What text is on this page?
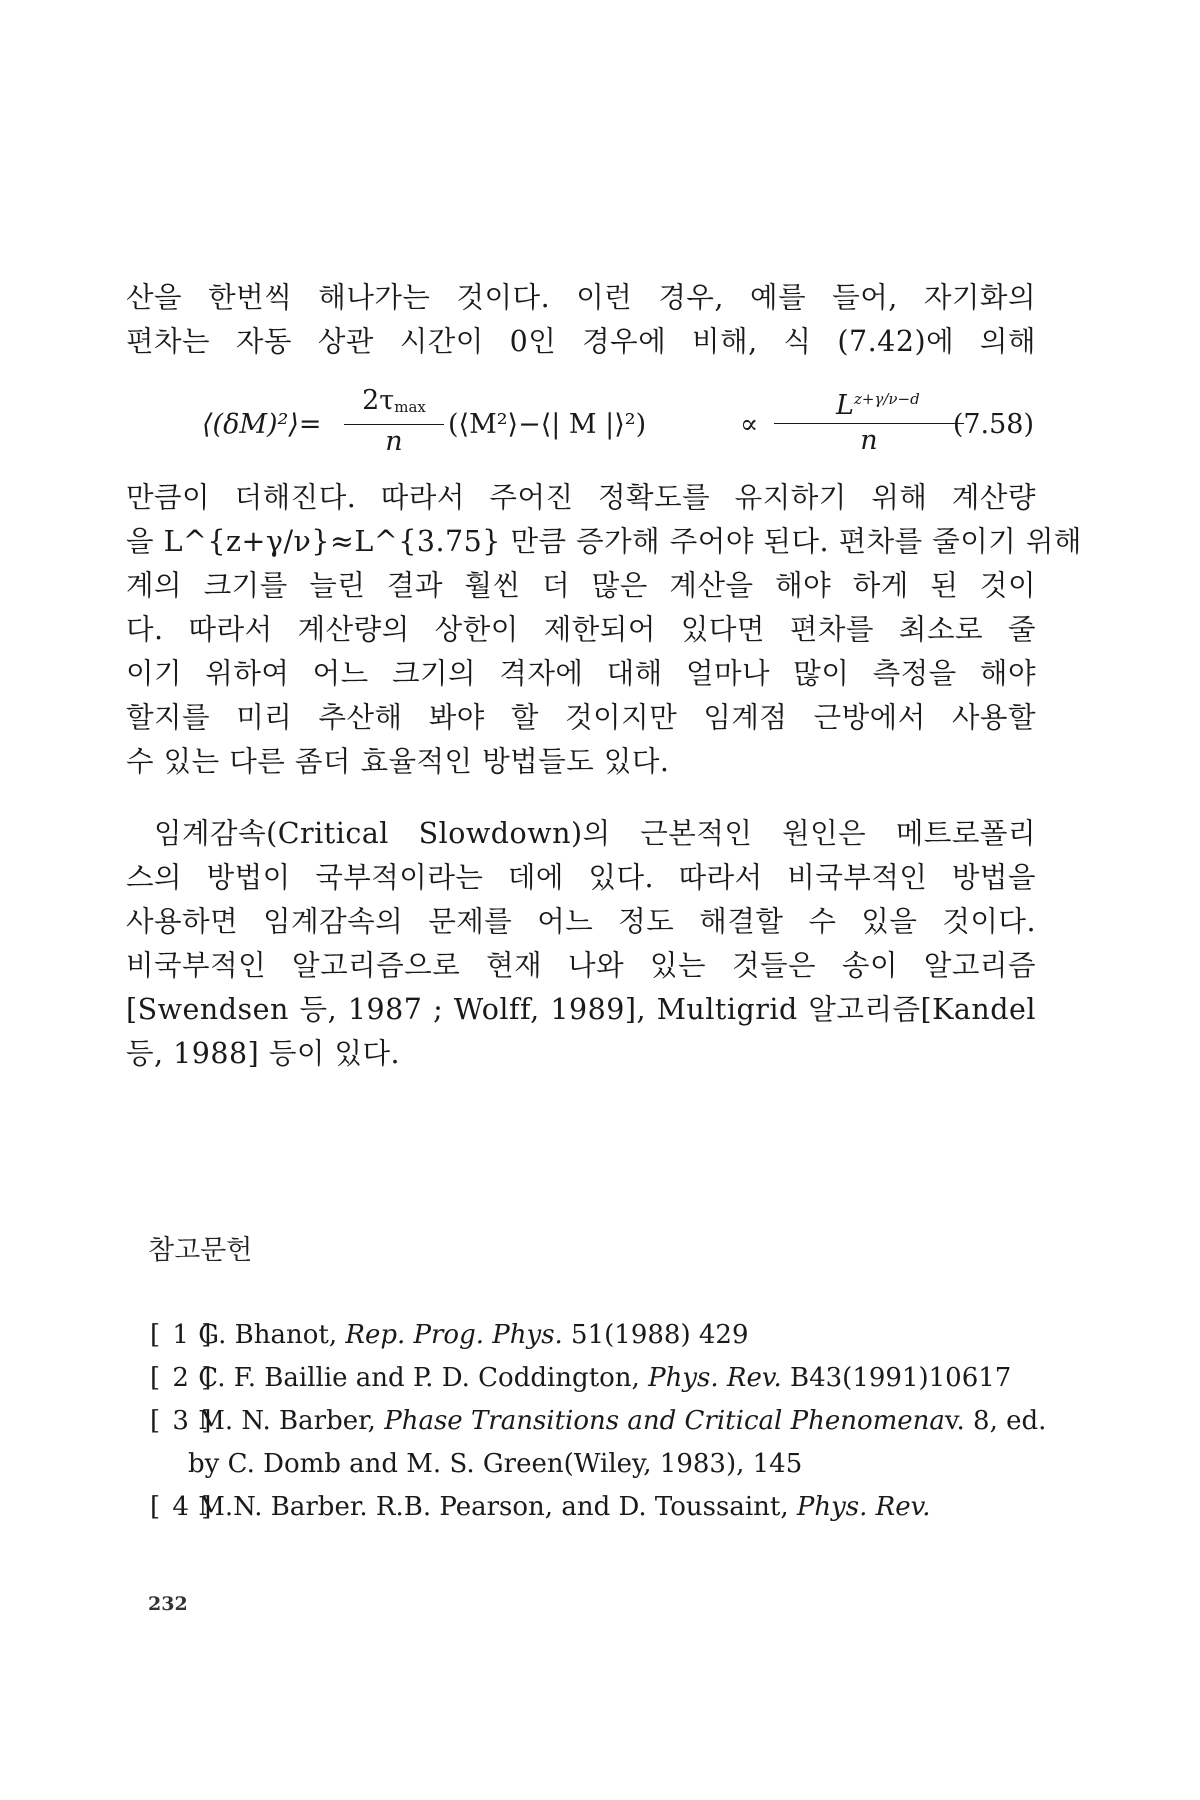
산을 한번씩 해나가는 것이다. 이런 경우, 예를 들어, 자기화의
편차는 자동 상관 시간이 0인 경우에 비해, 식 (7.42)에 의해
⟨(δM)²⟩=
$2\tau_{max}$
n
(⟨M²⟩−⟨| M |⟩²)	∝
$L^{z+\gamma/\nu-d}$
n
(7.58)
만큼이 더해진다. 따라서 주어진 정확도를 유지하기 위해 계산량
을 L^{z+γ/ν}≈L^{3.75} 만큼 증가해 주어야 된다. 편차를 줄이기 위해
계의 크기를 늘린 결과 훨씬 더 많은 계산을 해야 하게 된 것이
다. 따라서 계산량의 상한이 제한되어 있다면 편차를 최소로 줄
이기 위하여 어느 크기의 격자에 대해 얼마나 많이 측정을 해야
할지를 미리 추산해 봐야 할 것이지만 임계점 근방에서 사용할
수 있는 다른 좀더 효율적인 방법들도 있다.
임계감속(Critical Slowdown)의 근본적인 원인은 메트로폴리
스의 방법이 국부적이라는 데에 있다. 따라서 비국부적인 방법을
사용하면 임계감속의 문제를 어느 정도 해결할 수 있을 것이다.
비국부적인 알고리즘으로 현재 나와 있는 것들은 송이 알고리즘
[Swendsen 등, 1987 ; Wolff, 1989], Multigrid 알고리즘[Kandel
등, 1988] 등이 있다.
참고문헌
[ 1 ] G. Bhanot, Rep. Prog. Phys. 51(1988) 429
[ 2 ] C. F. Baillie and P. D. Coddington, Phys. Rev. B43(1991)10617
[ 3 ] M. N. Barber, Phase Transitions and Critical Phenomenav. 8, ed.
by C. Domb and M. S. Green(Wiley, 1983), 145
[ 4 ] M.N. Barber. R.B. Pearson, and D. Toussaint, Phys. Rev.
232
